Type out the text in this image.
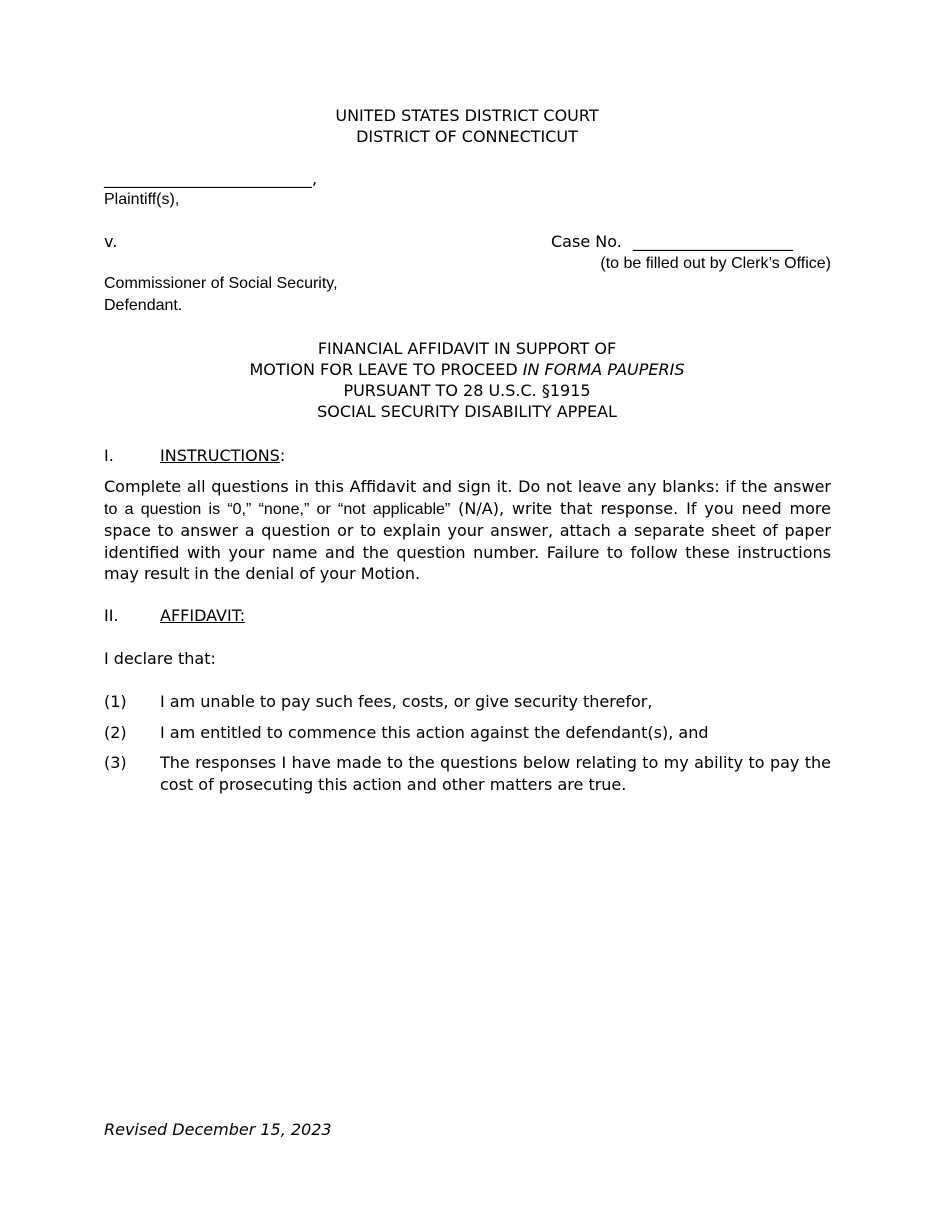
UNITED STATES DISTRICT COURT
DISTRICT OF CONNECTICUT
__________________________,
Plaintiff(s),
v.	Case No. ____________________
(to be filled out by Clerk’s Office)
Commissioner of Social Security,
Defendant.
FINANCIAL AFFIDAVIT IN SUPPORT OF
MOTION FOR LEAVE TO PROCEED IN FORMA PAUPERIS
PURSUANT TO 28 U.S.C. §1915
SOCIAL SECURITY DISABILITY APPEAL
I.	INSTRUCTIONS:
Complete all questions in this Affidavit and sign it. Do not leave any blanks: if the answer to a question is “0,” “none,” or “not applicable” (N/A), write that response. If you need more space to answer a question or to explain your answer, attach a separate sheet of paper identified with your name and the question number. Failure to follow these instructions may result in the denial of your Motion.
II.	AFFIDAVIT:
I declare that:
(1) I am unable to pay such fees, costs, or give security therefor,
(2) I am entitled to commence this action against the defendant(s), and
(3) The responses I have made to the questions below relating to my ability to pay the cost of prosecuting this action and other matters are true.
Revised December 15, 2023
